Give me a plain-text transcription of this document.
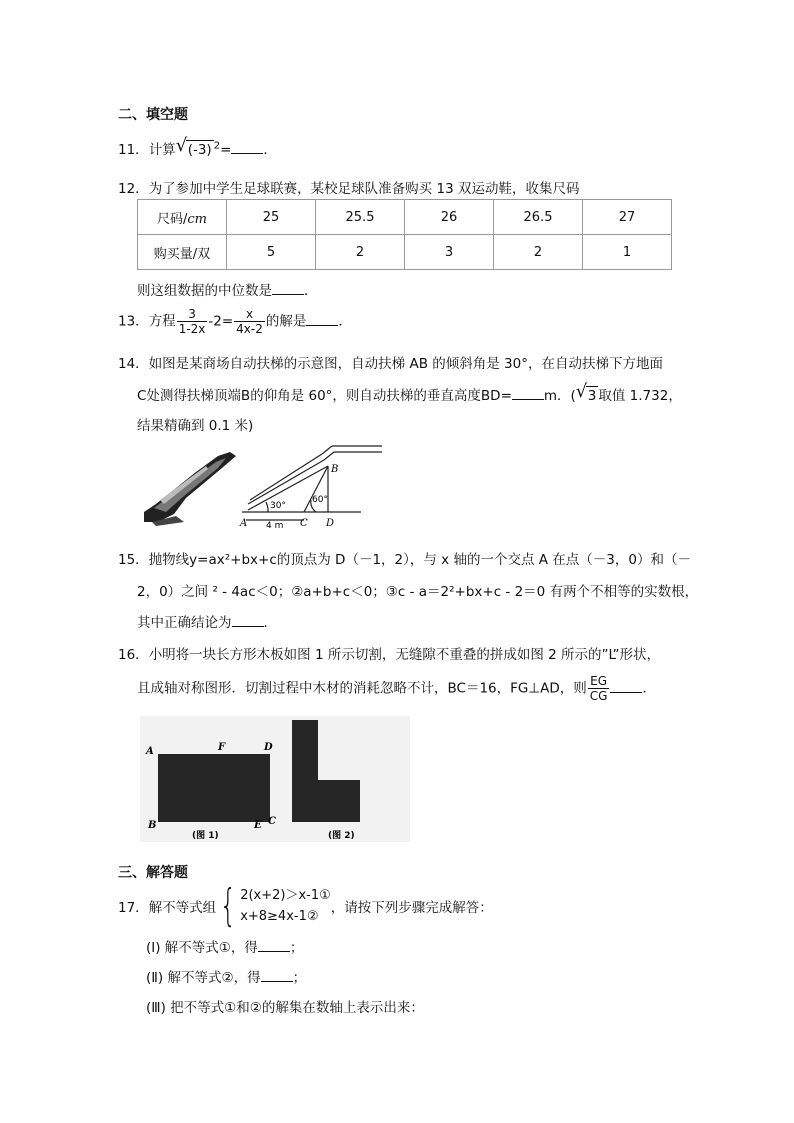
二、填空题
11．计算 √ (-3) $^2$= ．
12．为了参加中学生足球联赛，某校足球队准备购买 13 双运动鞋，收集尺码
尺码/cm	25	25.5	26	26.5	27
购买量/双	5	2	3	2	1
则这组数据的中位数是 ．
13．方程 $\frac{3}{1-2x} -2= \frac{x}{4x-2}$ 的解是 ．
14．如图是某商场自动扶梯的示意图，自动扶梯 AB 的倾斜角是 30°，在自动扶梯下方地面
C处测得扶梯顶端B的仰角是 60°，则自动扶梯的垂直高度BD= m．( √ 3 取值 1.732，
结果精确到 0.1 米)
B
A	C D
30°
60°
4 m
15．抛物线y=ax²+bx+c的顶点为 D（－1，2），与 x 轴的一个交点 A 在点（－3，0）和（－
2，0）之间 ² - 4ac＜0；②a+b+c＜0；③c - a＝2²+bx+c - 2＝0 有两个不相等的实数根，
其中正确结论为 ．
16．小明将一块长方形木板如图 1 所示切割，无缝隙不重叠的拼成如图 2 所示的”L”形状，
且成轴对称图形．切割过程中木材的消耗忽略不计，BC＝16，FG⊥AD，则 $\frac{EG}{CG}$ ．
A	F	D
B	E C
(图 1)	(图 2)
三、解答题
17．解不等式组{ 2(x+2)＞x-1①
x+8≥4x-1②
，请按下列步骤完成解答：
(Ⅰ) 解不等式①，得 ；
(Ⅱ) 解不等式②，得 ；
(Ⅲ) 把不等式①和②的解集在数轴上表示出来：
